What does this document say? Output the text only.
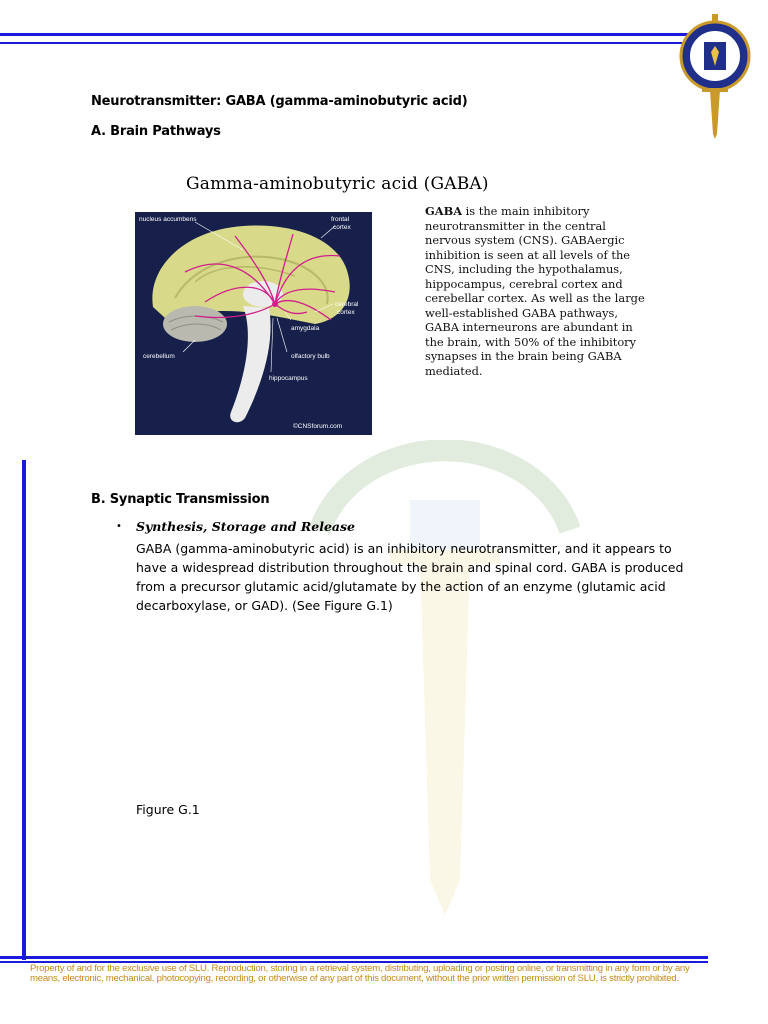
Neurotransmitter: GABA (gamma-aminobutyric acid)
A. Brain Pathways
Gamma-aminobutyric acid (GABA)
nucleus accumbens	frontal
cortex
cerebral
cortex
amygdala
cerebellum	olfactory bulb
hippocampus
©CNSforum.com
GABA is the main inhibitory neurotransmitter in the central nervous system (CNS). GABAergic inhibition is seen at all levels of the CNS, including the hypothalamus, hippocampus, cerebral cortex and cerebellar cortex. As well as the large well-established GABA pathways, GABA interneurons are abundant in the brain, with 50% of the inhibitory synapses in the brain being GABA mediated.
B. Synaptic Transmission
• Synthesis, Storage and Release
GABA (gamma-aminobutyric acid) is an inhibitory neurotransmitter, and it appears to have a widespread distribution throughout the brain and spinal cord. GABA is produced from a precursor glutamic acid/glutamate by the action of an enzyme (glutamic acid decarboxylase, or GAD). (See Figure G.1)
Figure G.1
Property of and for the exclusive use of SLU. Reproduction, storing in a retrieval system, distributing, uploading or posting online, or transmitting in any form or by any
means, electronic, mechanical, photocopying, recording, or otherwise of any part of this document, without the prior written permission of SLU, is strictly prohibited.
